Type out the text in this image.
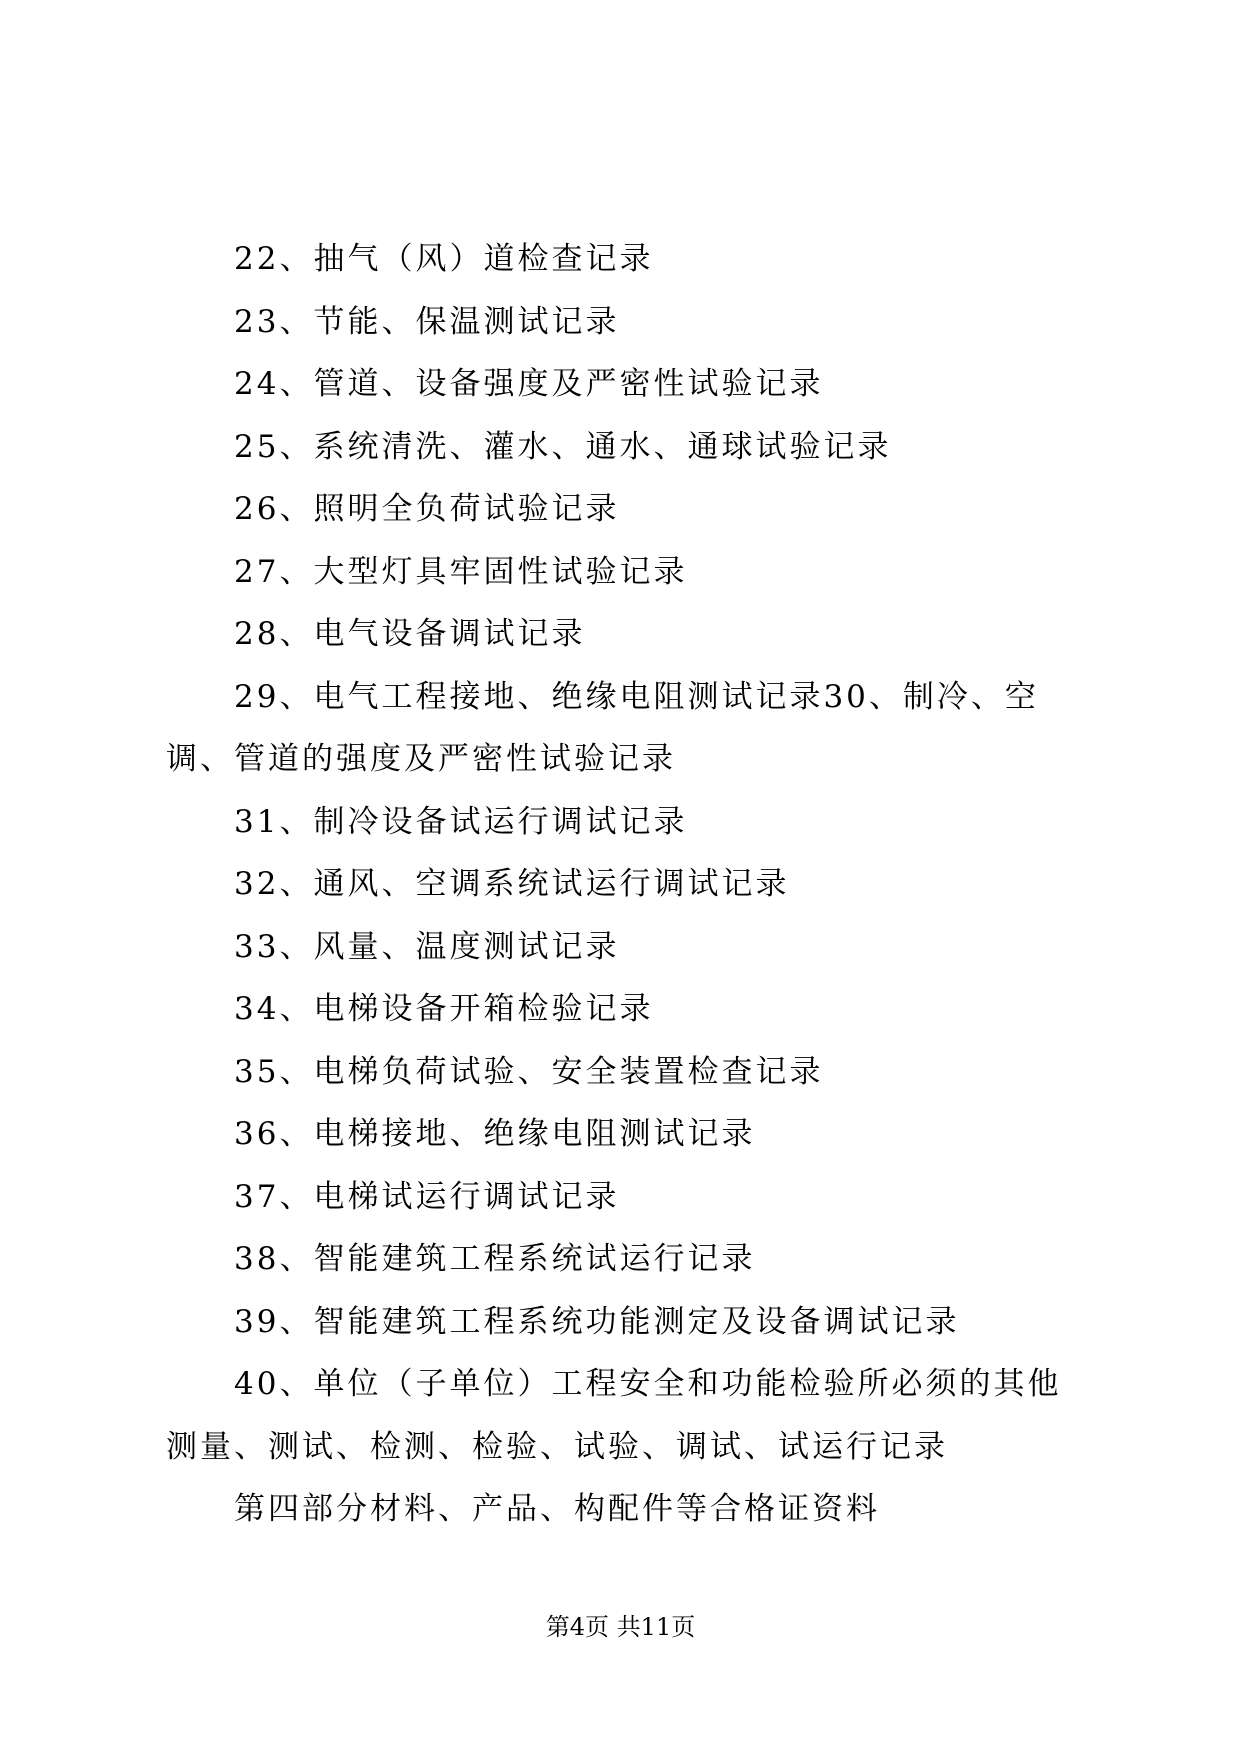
22、抽气（风）道检查记录

23、节能、保温测试记录

24、管道、设备强度及严密性试验记录

25、系统清洗、灌水、通水、通球试验记录

26、照明全负荷试验记录

27、大型灯具牢固性试验记录

28、电气设备调试记录

29、电气工程接地、绝缘电阻测试记录30、制冷、空调、管道的强度及严密性试验记录

31、制冷设备试运行调试记录

32、通风、空调系统试运行调试记录

33、风量、温度测试记录

34、电梯设备开箱检验记录

35、电梯负荷试验、安全装置检查记录

36、电梯接地、绝缘电阻测试记录

37、电梯试运行调试记录

38、智能建筑工程系统试运行记录

39、智能建筑工程系统功能测定及设备调试记录

40、单位（子单位）工程安全和功能检验所必须的其他测量、测试、检测、检验、试验、调试、试运行记录

第四部分材料、产品、构配件等合格证资料

第4页 共11页
